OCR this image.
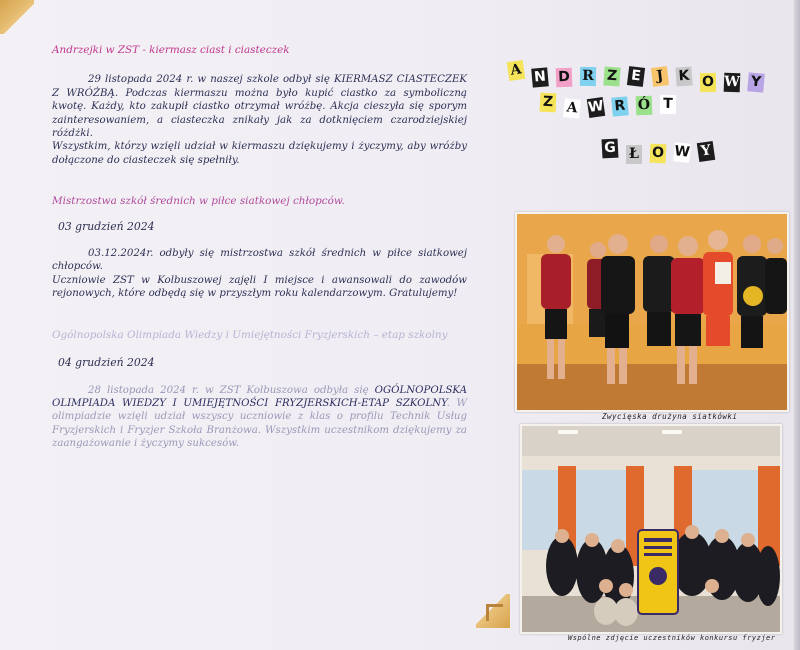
Andrzejki w ZST - kiermasz ciast i ciasteczek

29 listopada 2024 r. w naszej szkole odbył się KIERMASZ CIASTECZEK Z WRÓŻBĄ. Podczas kiermaszu można było kupić ciastko za symboliczną kwotę. Każdy, kto zakupił ciastko otrzymał wróżbę. Akcja cieszyła się sporym zainteresowaniem, a ciasteczka znikały jak za dotknięciem czarodziejskiej różdżki.

Wszystkim, którzy wzięli udział w kiermaszu dziękujemy i życzymy, aby wróżby dołączone do ciasteczek się spełniły.

Mistrzostwa szkół średnich w piłce siatkowej chłopców.

03 grudzień 2024

03.12.2024r. odbyły się mistrzostwa szkół średnich w piłce siatkowej chłopców.

Uczniowie ZST w Kolbuszowej zajęli I miejsce i awansowali do zawodów rejonowych, które odbędą się w przyszłym roku kalendarzowym. Gratulujemy!

Ogólnopolska Olimpiada Wiedzy i Umiejętności Fryzjerskich – etap szkolny

04 grudzień 2024

28 listopada 2024 r. w ZST Kolbuszowa odbyła się OGÓLNOPOLSKA OLIMPIADA WIEDZY I UMIEJĘTNOŚCI FRYZJERSKICH-ETAP SZKOLNY. W olimpiadzie wzięli udział wszyscy uczniowie z klas o profilu Technik Usług Fryzjerskich i Fryzjer Szkoła Branżowa. Wszystkim uczestnikom dziękujemy za zaangażowanie i życzymy sukcesów.

A N D R Z E J K O W Y
Z A W R Ó T
G Ł O W Y
Zwycięska drużyna siatkówki
Wspólne zdjęcie uczestników konkursu fryzjer
